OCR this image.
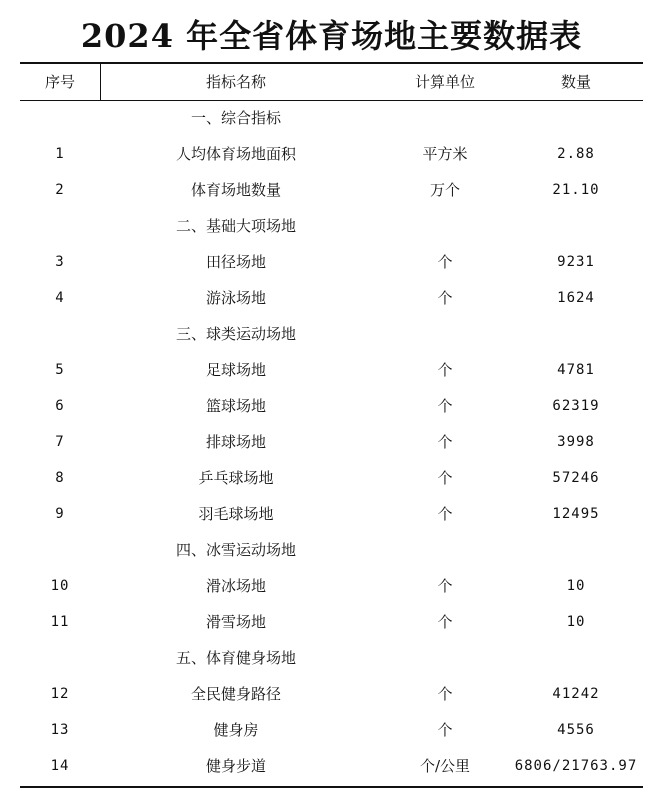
2024 年全省体育场地主要数据表
序号	指标名称	计算单位	数量
一、综合指标
1	人均体育场地面积	平方米	2.88
2	体育场地数量	万个	21.10
二、基础大项场地
3	田径场地	个	9231
4	游泳场地	个	1624
三、球类运动场地
5	足球场地	个	4781
6	篮球场地	个	62319
7	排球场地	个	3998
8	乒乓球场地	个	57246
9	羽毛球场地	个	12495
四、冰雪运动场地
10	滑冰场地	个	10
11	滑雪场地	个	10
五、体育健身场地
12	全民健身路径	个	41242
13	健身房	个	4556
14	健身步道	个/公里	6806/21763.97
